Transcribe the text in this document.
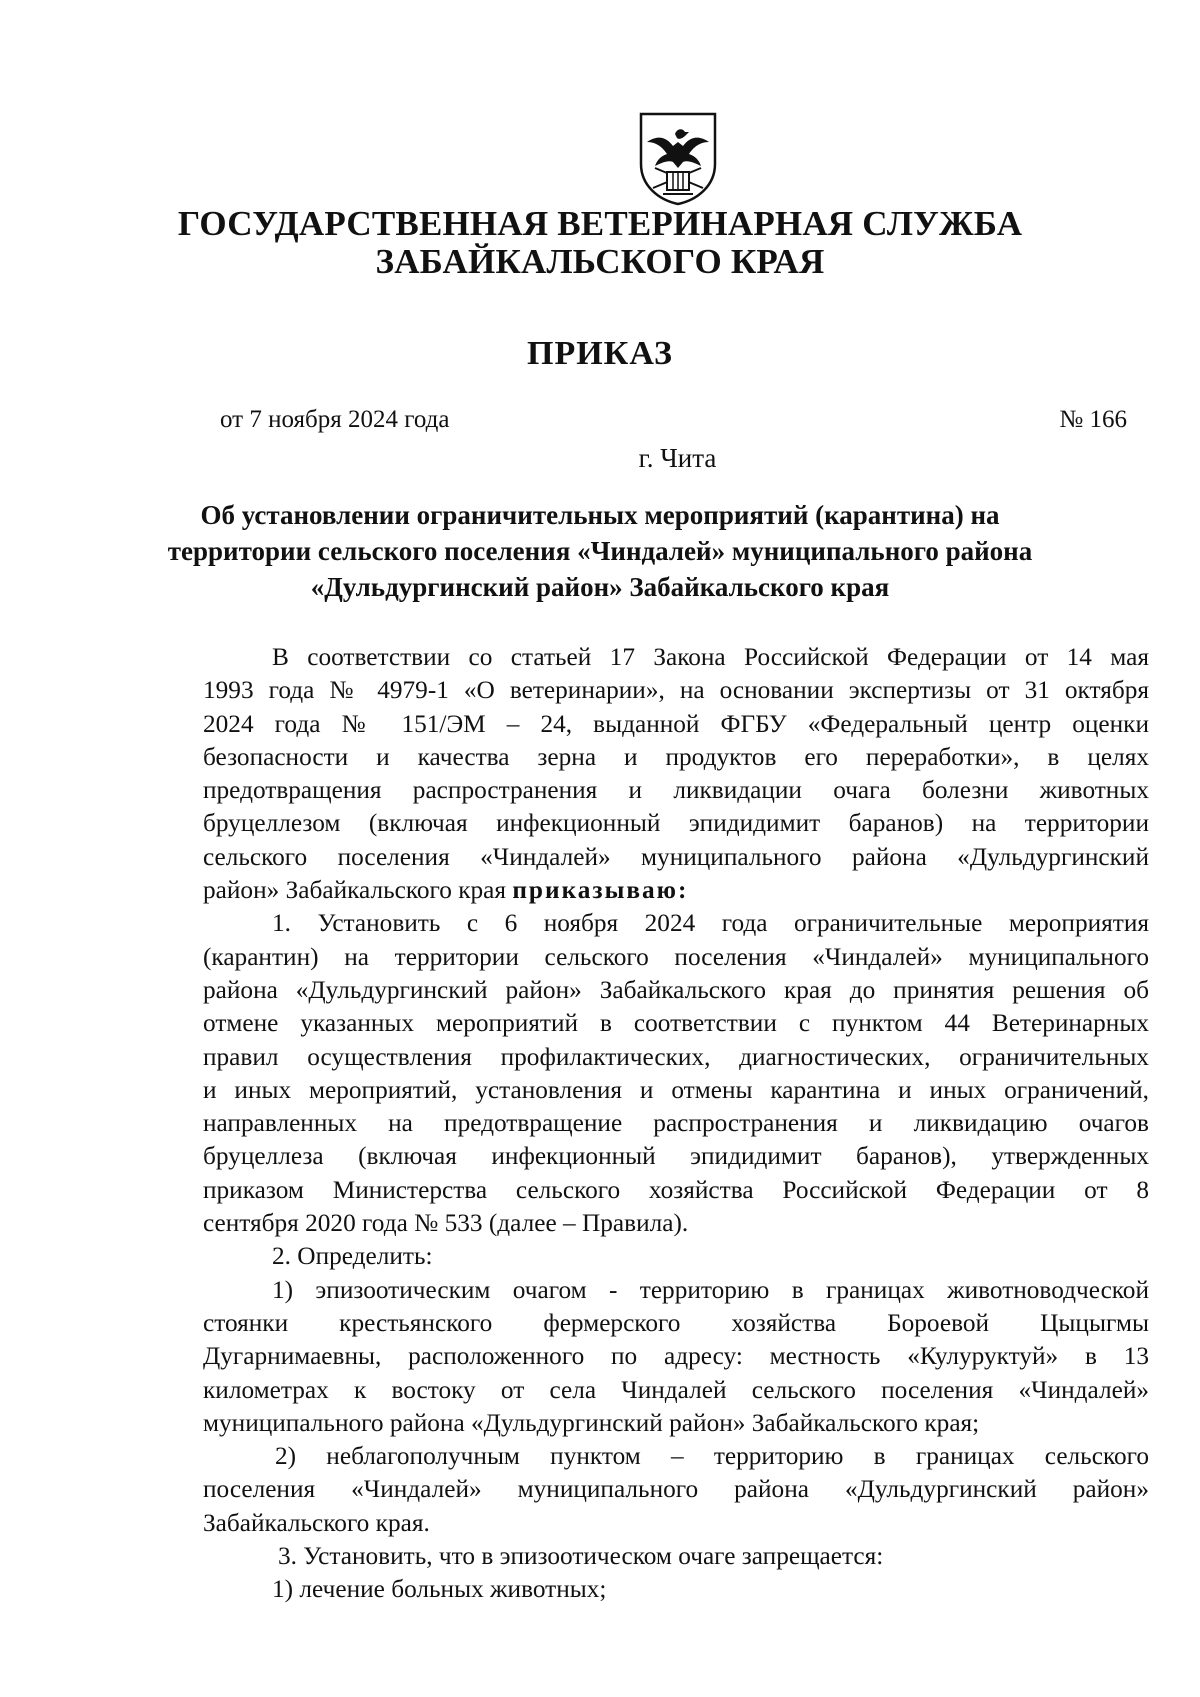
ГОСУДАРСТВЕННАЯ ВЕТЕРИНАРНАЯ СЛУЖБА
ЗАБАЙКАЛЬСКОГО КРАЯ
ПРИКАЗ
от 7 ноября 2024 года	№ 166
г. Чита
Об установлении ограничительных мероприятий (карантина) на
территории сельского поселения «Чиндалей» муниципального района
«Дульдургинский район» Забайкальского края
В соответствии со статьей 17 Закона Российской Федерации от 14 мая
1993 года № 4979-1 «О ветеринарии», на основании экспертизы от 31 октября
2024 года № 151/ЭМ – 24, выданной ФГБУ «Федеральный центр оценки
безопасности и качества зерна и продуктов его переработки», в целях
предотвращения распространения и ликвидации очага болезни животных
бруцеллезом (включая инфекционный эпидидимит баранов) на территории
сельского поселения «Чиндалей» муниципального района «Дульдургинский
район» Забайкальского края приказываю:
1. Установить с 6 ноября 2024 года ограничительные мероприятия
(карантин) на территории сельского поселения «Чиндалей» муниципального
района «Дульдургинский район» Забайкальского края до принятия решения об
отмене указанных мероприятий в соответствии с пунктом 44 Ветеринарных
правил осуществления профилактических, диагностических, ограничительных
и иных мероприятий, установления и отмены карантина и иных ограничений,
направленных на предотвращение распространения и ликвидацию очагов
бруцеллеза (включая инфекционный эпидидимит баранов), утвержденных
приказом Министерства сельского хозяйства Российской Федерации от 8
сентября 2020 года № 533 (далее – Правила).
2. Определить:
1) эпизоотическим очагом - территорию в границах животноводческой
стоянки крестьянского фермерского хозяйства Бороевой Цыцыгмы
Дугарнимаевны, расположенного по адресу: местность «Кулуруктуй» в 13
километрах к востоку от села Чиндалей сельского поселения «Чиндалей»
муниципального района «Дульдургинский район» Забайкальского края;
2) неблагополучным пунктом – территорию в границах сельского
поселения «Чиндалей» муниципального района «Дульдургинский район»
Забайкальского края.
3. Установить, что в эпизоотическом очаге запрещается:
1) лечение больных животных;
